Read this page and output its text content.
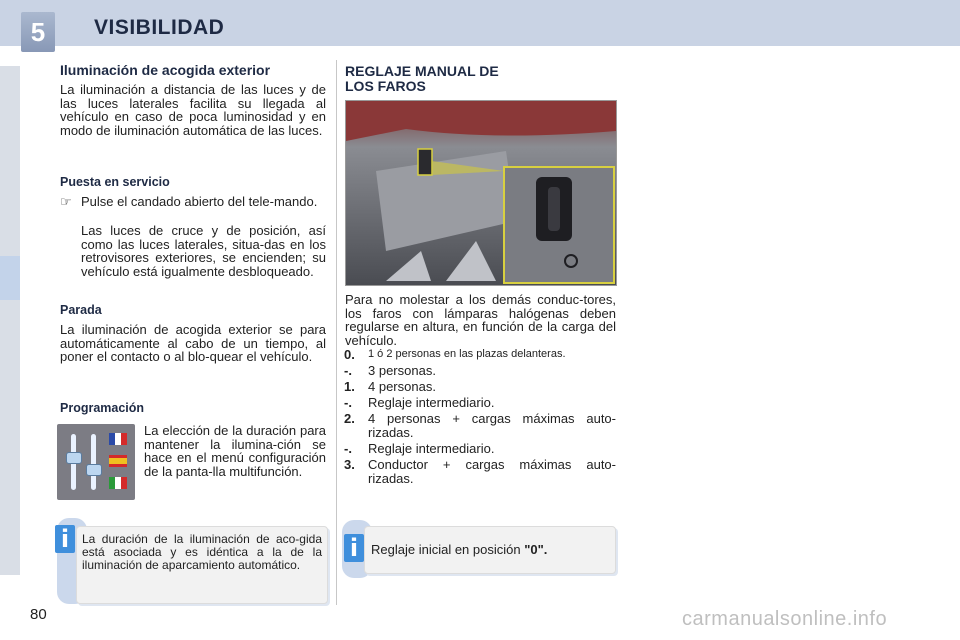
5	VISIBILIDAD
Iluminación de acogida exterior
La iluminación a distancia de las luces y de las luces laterales facilita su llegada al vehículo en caso de poca luminosidad y en modo de iluminación automática de las luces.
Puesta en servicio
☞ Pulse el candado abierto del tele-mando.
Las luces de cruce y de posición, así como las luces laterales, situa-das en los retrovisores exteriores, se encienden; su vehículo está igualmente desbloqueado.
Parada
La iluminación de acogida exterior se para automáticamente al cabo de un tiempo, al poner el contacto o al blo-quear el vehículo.
Programación
La elección de la duración para mantener la ilumina-ción se hace en el menú configuración de la panta-lla multifunción.
i	La duración de la iluminación de aco-gida está asociada y es idéntica a la de la iluminación de aparcamiento automático.
REGLAJE MANUAL DE
LOS FAROS
Para no molestar a los demás conduc-tores, los faros con lámparas halógenas deben regularse en altura, en función de la carga del vehículo.
0. 1 ó 2 personas en las plazas delanteras.
-. 3 personas.
1. 4 personas.
-. Reglaje intermediario.
2. 4 personas + cargas máximas auto-rizadas.
-. Reglaje intermediario.
3. Conductor + cargas máximas auto-rizadas.
i Reglaje inicial en posición "0".
80	carmanualsonline.info
